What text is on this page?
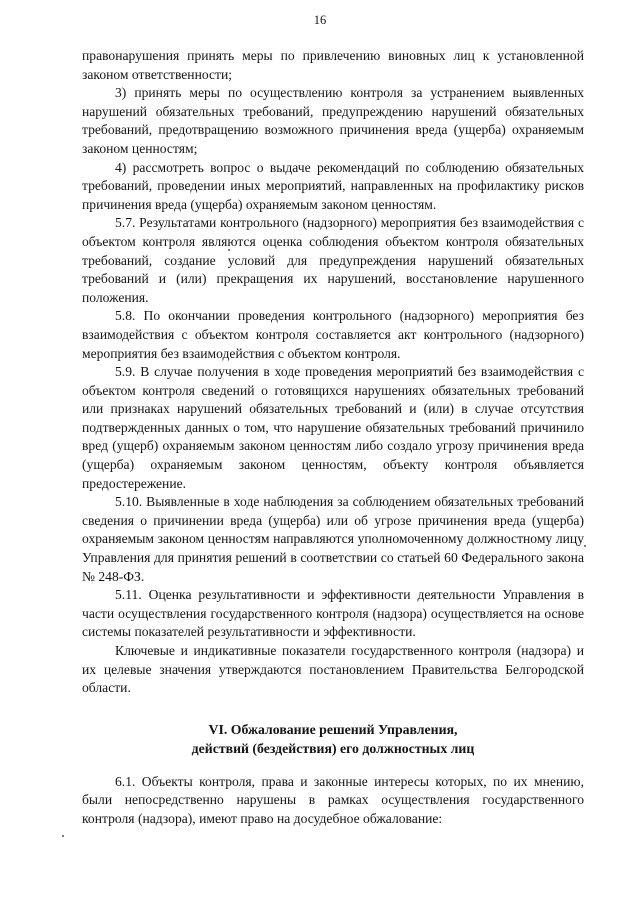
16

правонарушения принять меры по привлечению виновных лиц к установленной законом ответственности;

3) принять меры по осуществлению контроля за устранением выявленных нарушений обязательных требований, предупреждению нарушений обязательных требований, предотвращению возможного причинения вреда (ущерба) охраняемым законом ценностям;

4) рассмотреть вопрос о выдаче рекомендаций по соблюдению обязательных требований, проведении иных мероприятий, направленных на профилактику рисков причинения вреда (ущерба) охраняемым законом ценностям.

5.7. Результатами контрольного (надзорного) мероприятия без взаимодействия с объектом контроля являются оценка соблюдения объектом контроля обязательных требований, создание условий для предупреждения нарушений обязательных требований и (или) прекращения их нарушений, восстановление нарушенного положения.

5.8. По окончании проведения контрольного (надзорного) мероприятия без взаимодействия с объектом контроля составляется акт контрольного (надзорного) мероприятия без взаимодействия с объектом контроля.

5.9. В случае получения в ходе проведения мероприятий без взаимодействия с объектом контроля сведений о готовящихся нарушениях обязательных требований или признаках нарушений обязательных требований и (или) в случае отсутствия подтвержденных данных о том, что нарушение обязательных требований причинило вред (ущерб) охраняемым законом ценностям либо создало угрозу причинения вреда (ущерба) охраняемым законом ценностям, объекту контроля объявляется предостережение.

5.10. Выявленные в ходе наблюдения за соблюдением обязательных требований сведения о причинении вреда (ущерба) или об угрозе причинения вреда (ущерба) охраняемым законом ценностям направляются уполномоченному должностному лицу Управления для принятия решений в соответствии со статьей 60 Федерального закона № 248-ФЗ.

5.11. Оценка результативности и эффективности деятельности Управления в части осуществления государственного контроля (надзора) осуществляется на основе системы показателей результативности и эффективности.

Ключевые и индикативные показатели государственного контроля (надзора) и их целевые значения утверждаются постановлением Правительства Белгородской области.

VI. Обжалование решений Управления,
действий (бездействия) его должностных лиц

6.1. Объекты контроля, права и законные интересы которых, по их мнению, были непосредственно нарушены в рамках осуществления государственного контроля (надзора), имеют право на досудебное обжалование:
